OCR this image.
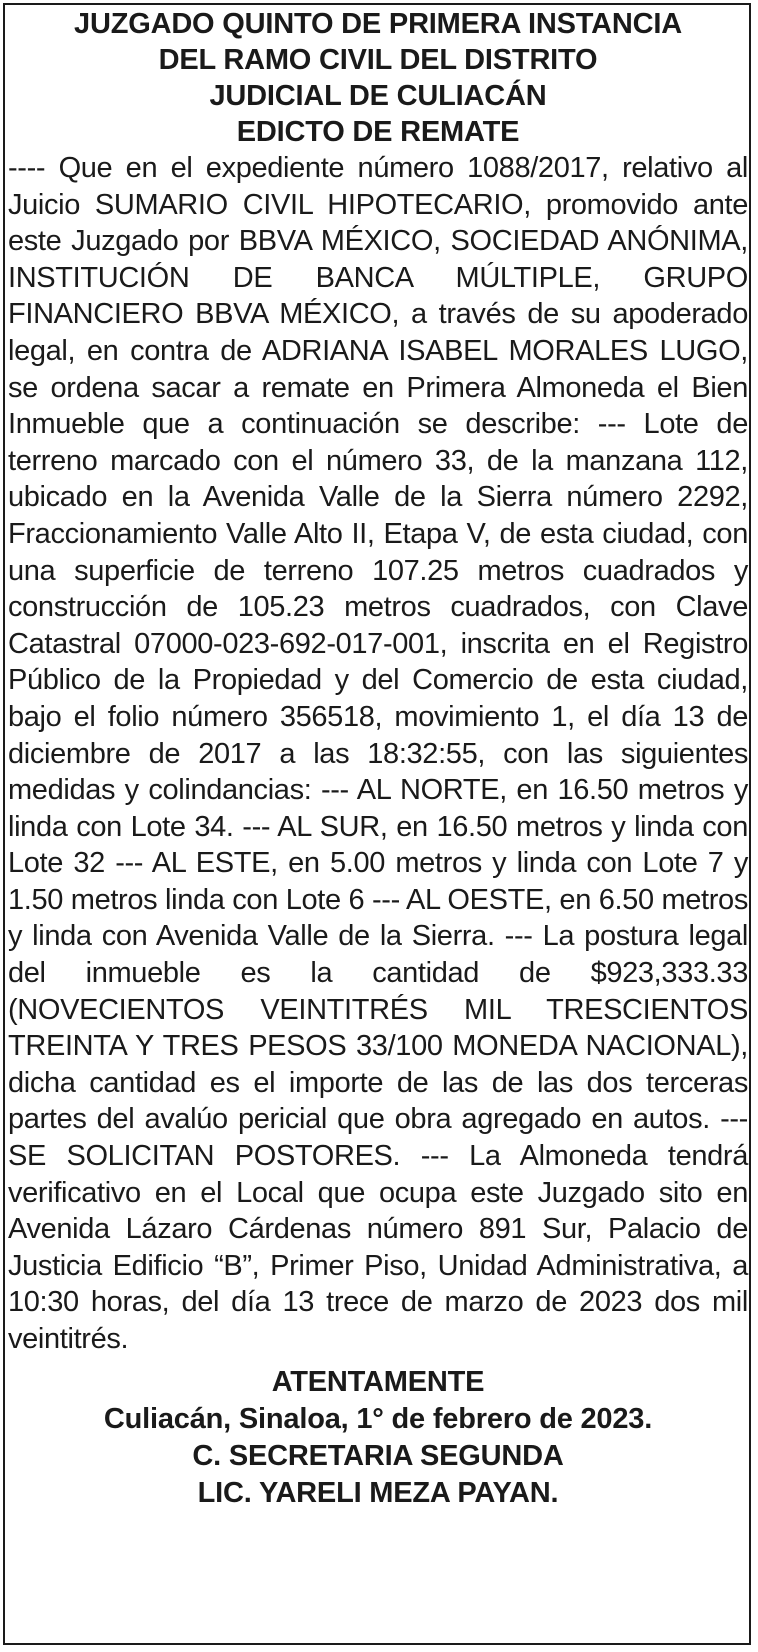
JUZGADO QUINTO DE PRIMERA INSTANCIA
DEL RAMO CIVIL DEL DISTRITO
JUDICIAL DE CULIACÁN
EDICTO DE REMATE

---- Que en el expediente número 1088/2017, relativo al Juicio SUMARIO CIVIL HIPOTECARIO, promovido ante este Juzgado por BBVA MÉXICO, SOCIEDAD ANÓNIMA, INSTITUCIÓN DE BANCA MÚLTIPLE, GRUPO FINANCIERO BBVA MÉXICO, a través de su apoderado legal, en contra de ADRIANA ISABEL MORALES LUGO, se ordena sacar a remate en Primera Almoneda el Bien Inmueble que a continuación se describe: --- Lote de terreno marcado con el número 33, de la manzana 112, ubicado en la Avenida Valle de la Sierra número 2292, Fraccionamiento Valle Alto II, Etapa V, de esta ciudad, con una superficie de terreno 107.25 metros cuadrados y construcción de 105.23 metros cuadrados, con Clave Catastral 07000-023-692-017-001, inscrita en el Registro Público de la Propiedad y del Comercio de esta ciudad, bajo el folio número 356518, movimiento 1, el día 13 de diciembre de 2017 a las 18:32:55, con las siguientes medidas y colindancias: --- AL NORTE, en 16.50 metros y linda con Lote 34. --- AL SUR, en 16.50 metros y linda con Lote 32 --- AL ESTE, en 5.00 metros y linda con Lote 7 y 1.50 metros linda con Lote 6 --- AL OESTE, en 6.50 metros y linda con Avenida Valle de la Sierra. --- La postura legal del inmueble es la cantidad de $923,333.33 (NOVECIENTOS VEINTITRÉS MIL TRESCIENTOS TREINTA Y TRES PESOS 33/100 MONEDA NACIONAL), dicha cantidad es el importe de las de las dos terceras partes del avalúo pericial que obra agregado en autos. --- SE SOLICITAN POSTORES. --- La Almoneda tendrá verificativo en el Local que ocupa este Juzgado sito en Avenida Lázaro Cárdenas número 891 Sur, Palacio de Justicia Edificio “B”, Primer Piso, Unidad Administrativa, a 10:30 horas, del día 13 trece de marzo de 2023 dos mil veintitrés.

ATENTAMENTE
Culiacán, Sinaloa, 1° de febrero de 2023.
C. SECRETARIA SEGUNDA
LIC. YARELI MEZA PAYAN.
